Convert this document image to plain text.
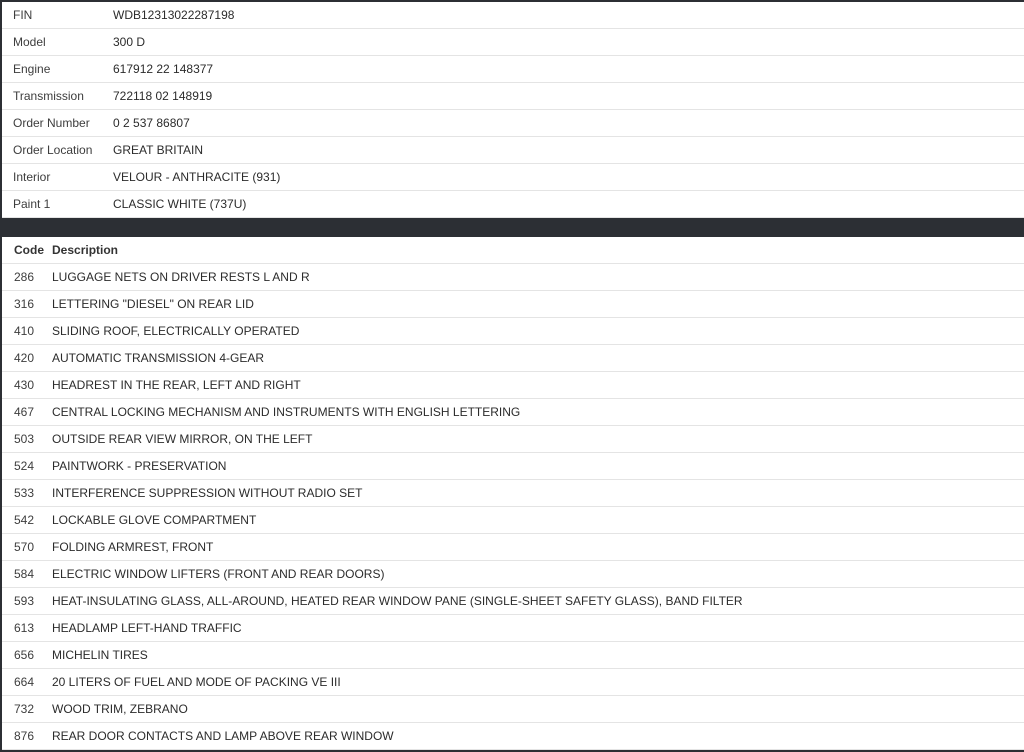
FIN	WDB12313022287198
Model	300 D
Engine	617912 22 148377
Transmission	722118 02 148919
Order Number	0 2 537 86807
Order Location	GREAT BRITAIN
Interior	VELOUR - ANTHRACITE (931)
Paint 1	CLASSIC WHITE (737U)
Code Description
286	LUGGAGE NETS ON DRIVER RESTS L AND R
316	LETTERING "DIESEL" ON REAR LID
410	SLIDING ROOF, ELECTRICALLY OPERATED
420	AUTOMATIC TRANSMISSION 4-GEAR
430	HEADREST IN THE REAR, LEFT AND RIGHT
467	CENTRAL LOCKING MECHANISM AND INSTRUMENTS WITH ENGLISH LETTERING
503	OUTSIDE REAR VIEW MIRROR, ON THE LEFT
524	PAINTWORK - PRESERVATION
533	INTERFERENCE SUPPRESSION WITHOUT RADIO SET
542	LOCKABLE GLOVE COMPARTMENT
570	FOLDING ARMREST, FRONT
584	ELECTRIC WINDOW LIFTERS (FRONT AND REAR DOORS)
593	HEAT-INSULATING GLASS, ALL-AROUND, HEATED REAR WINDOW PANE (SINGLE-SHEET SAFETY GLASS), BAND FILTER
613	HEADLAMP LEFT-HAND TRAFFIC
656	MICHELIN TIRES
664	20 LITERS OF FUEL AND MODE OF PACKING VE III
732	WOOD TRIM, ZEBRANO
876	REAR DOOR CONTACTS AND LAMP ABOVE REAR WINDOW
